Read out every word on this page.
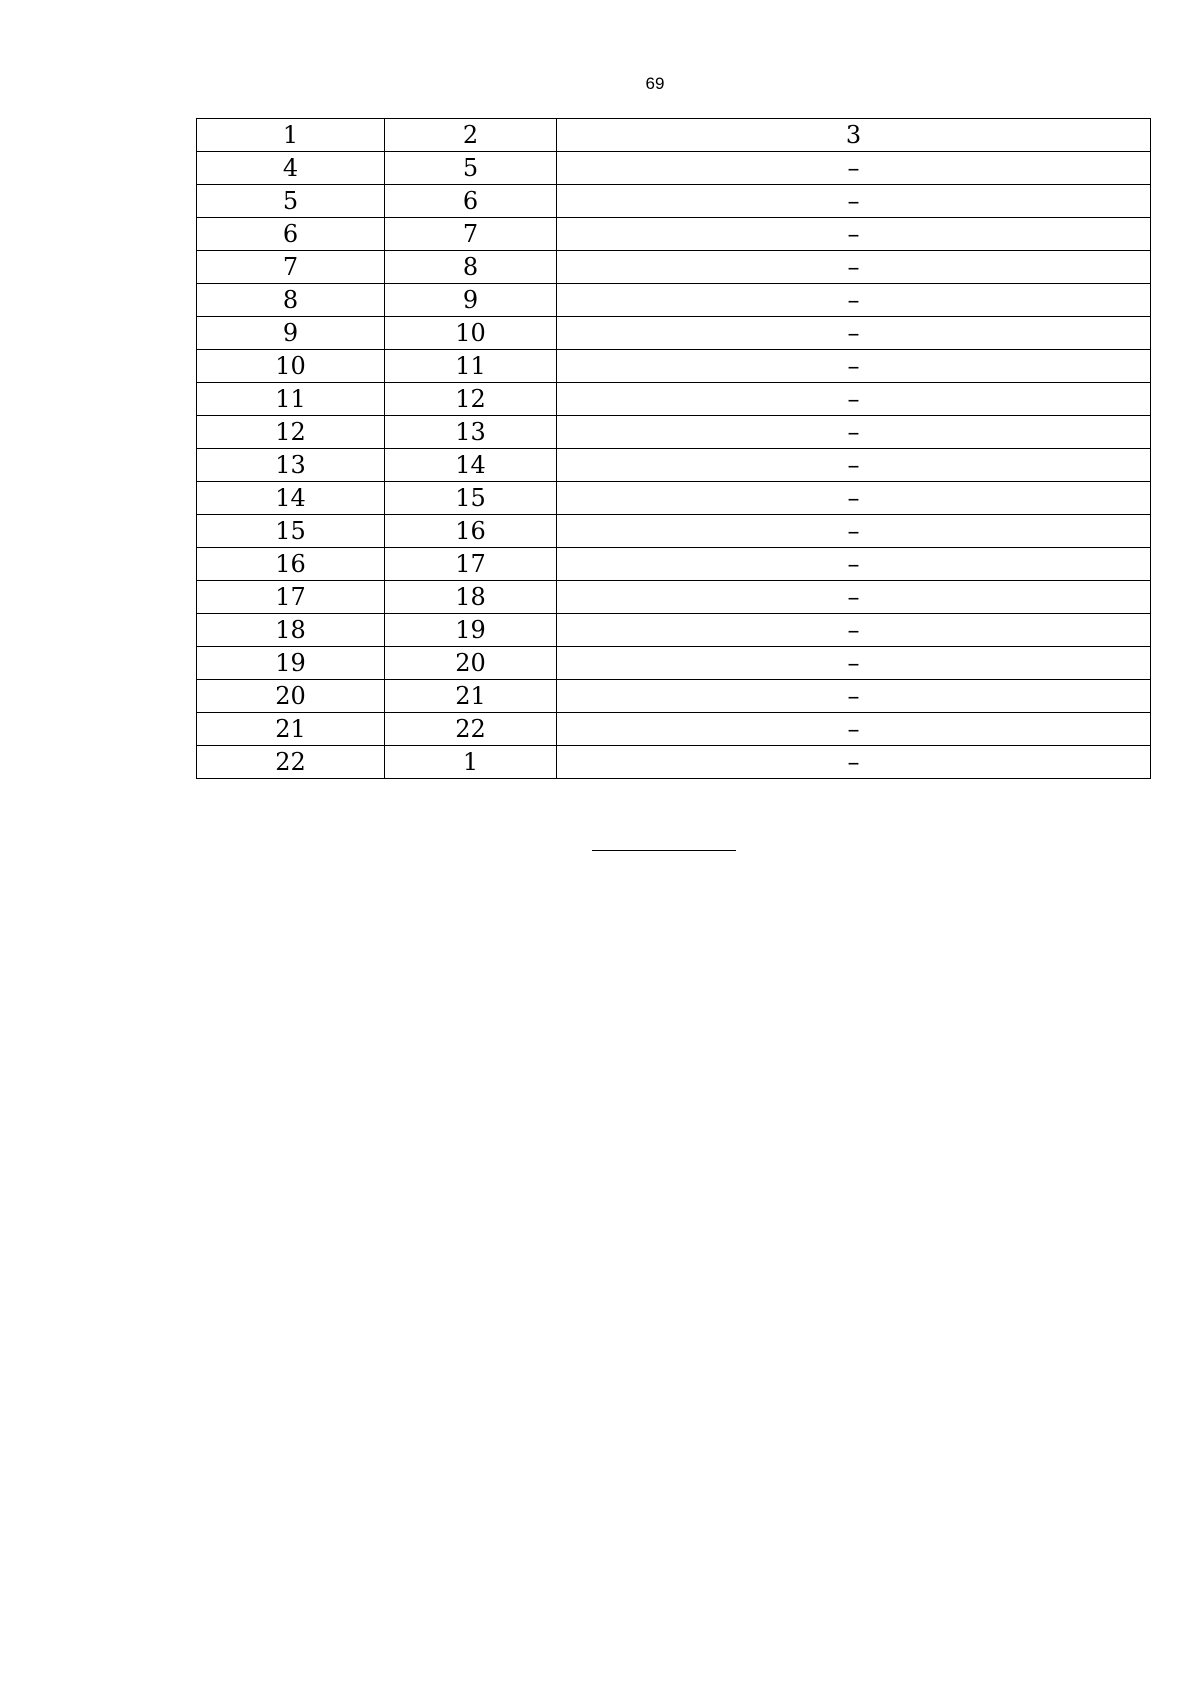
69
1	2	3
4	5	–
5	6	–
6	7	–
7	8	–
8	9	–
9	10	–
10	11	–
11	12	–
12	13	–
13	14	–
14	15	–
15	16	–
16	17	–
17	18	–
18	19	–
19	20	–
20	21	–
21	22	–
22	1	–
